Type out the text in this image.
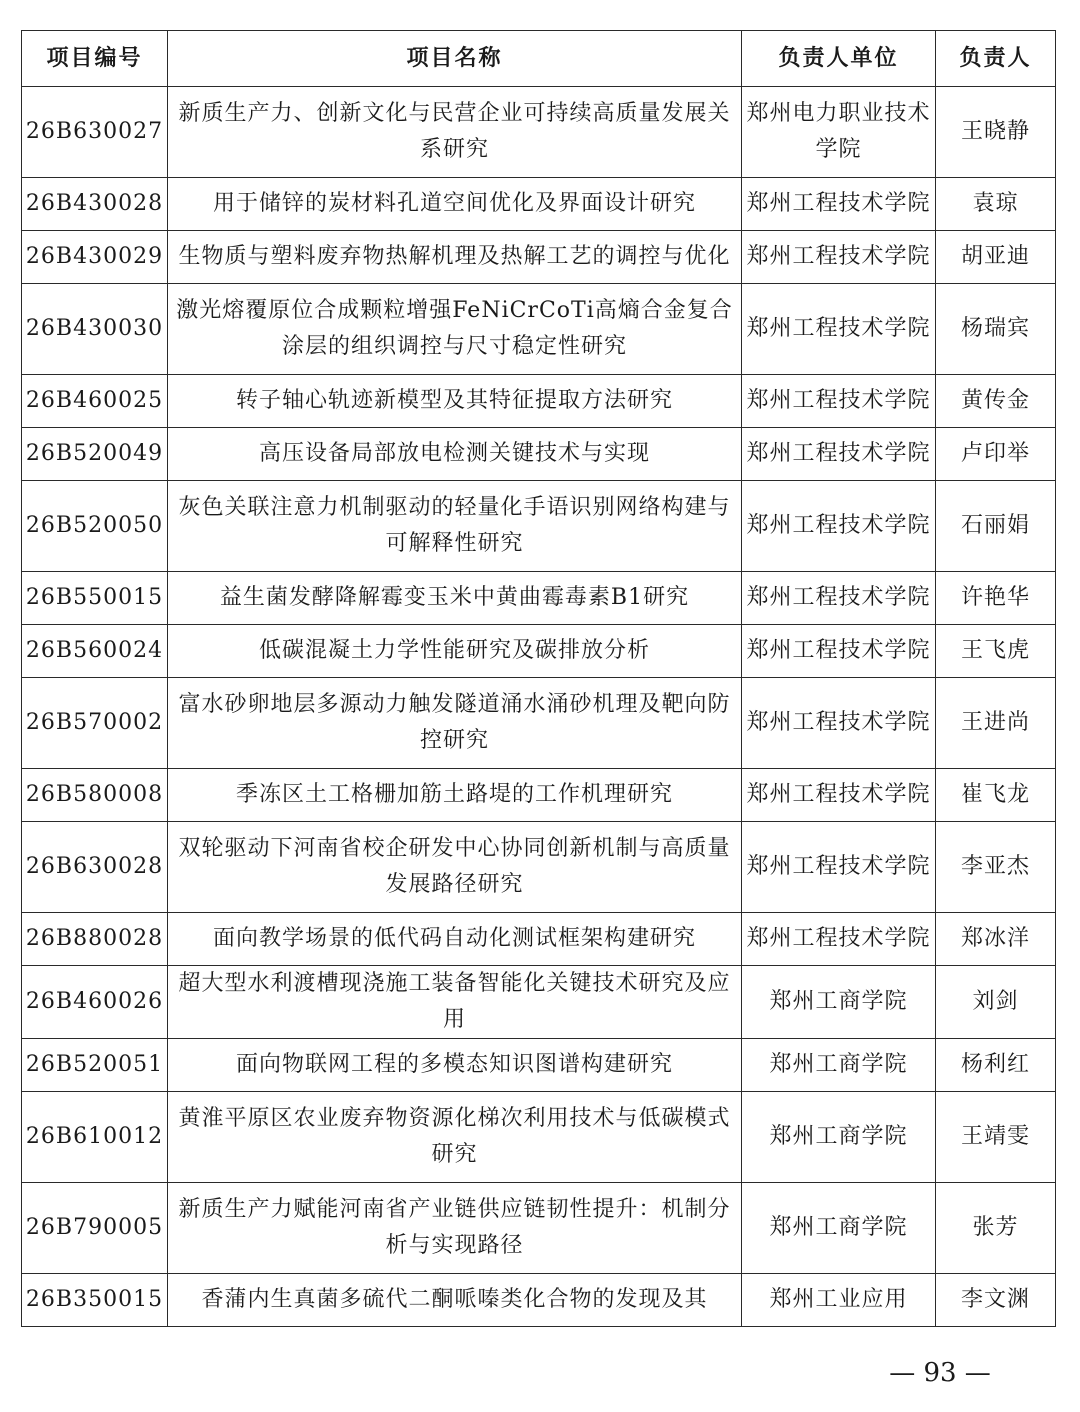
项目编号	项目名称	负责人单位	负责人
26B630027	新质生产力、创新文化与民营企业可持续高质量发展关系研究	郑州电力职业技术学院	王晓静
26B430028	用于储锌的炭材料孔道空间优化及界面设计研究	郑州工程技术学院	袁琼
26B430029	生物质与塑料废弃物热解机理及热解工艺的调控与优化	郑州工程技术学院	胡亚迪
26B430030	激光熔覆原位合成颗粒增强FeNiCrCoTi高熵合金复合涂层的组织调控与尺寸稳定性研究	郑州工程技术学院	杨瑞宾
26B460025	转子轴心轨迹新模型及其特征提取方法研究	郑州工程技术学院	黄传金
26B520049	高压设备局部放电检测关键技术与实现	郑州工程技术学院	卢印举
26B520050	灰色关联注意力机制驱动的轻量化手语识别网络构建与可解释性研究	郑州工程技术学院	石丽娟
26B550015	益生菌发酵降解霉变玉米中黄曲霉毒素B1研究	郑州工程技术学院	许艳华
26B560024	低碳混凝土力学性能研究及碳排放分析	郑州工程技术学院	王飞虎
26B570002	富水砂卵地层多源动力触发隧道涌水涌砂机理及靶向防控研究	郑州工程技术学院	王进尚
26B580008	季冻区土工格栅加筋土路堤的工作机理研究	郑州工程技术学院	崔飞龙
26B630028	双轮驱动下河南省校企研发中心协同创新机制与高质量发展路径研究	郑州工程技术学院	李亚杰
26B880028	面向教学场景的低代码自动化测试框架构建研究	郑州工程技术学院	郑冰洋
26B460026	超大型水利渡槽现浇施工装备智能化关键技术研究及应用	郑州工商学院	刘剑
26B520051	面向物联网工程的多模态知识图谱构建研究	郑州工商学院	杨利红
26B610012	黄淮平原区农业废弃物资源化梯次利用技术与低碳模式研究	郑州工商学院	王靖雯
26B790005	新质生产力赋能河南省产业链供应链韧性提升：机制分析与实现路径	郑州工商学院	张芳
26B350015	香蒲内生真菌多硫代二酮哌嗪类化合物的发现及其	郑州工业应用	李文渊
— 93 —
